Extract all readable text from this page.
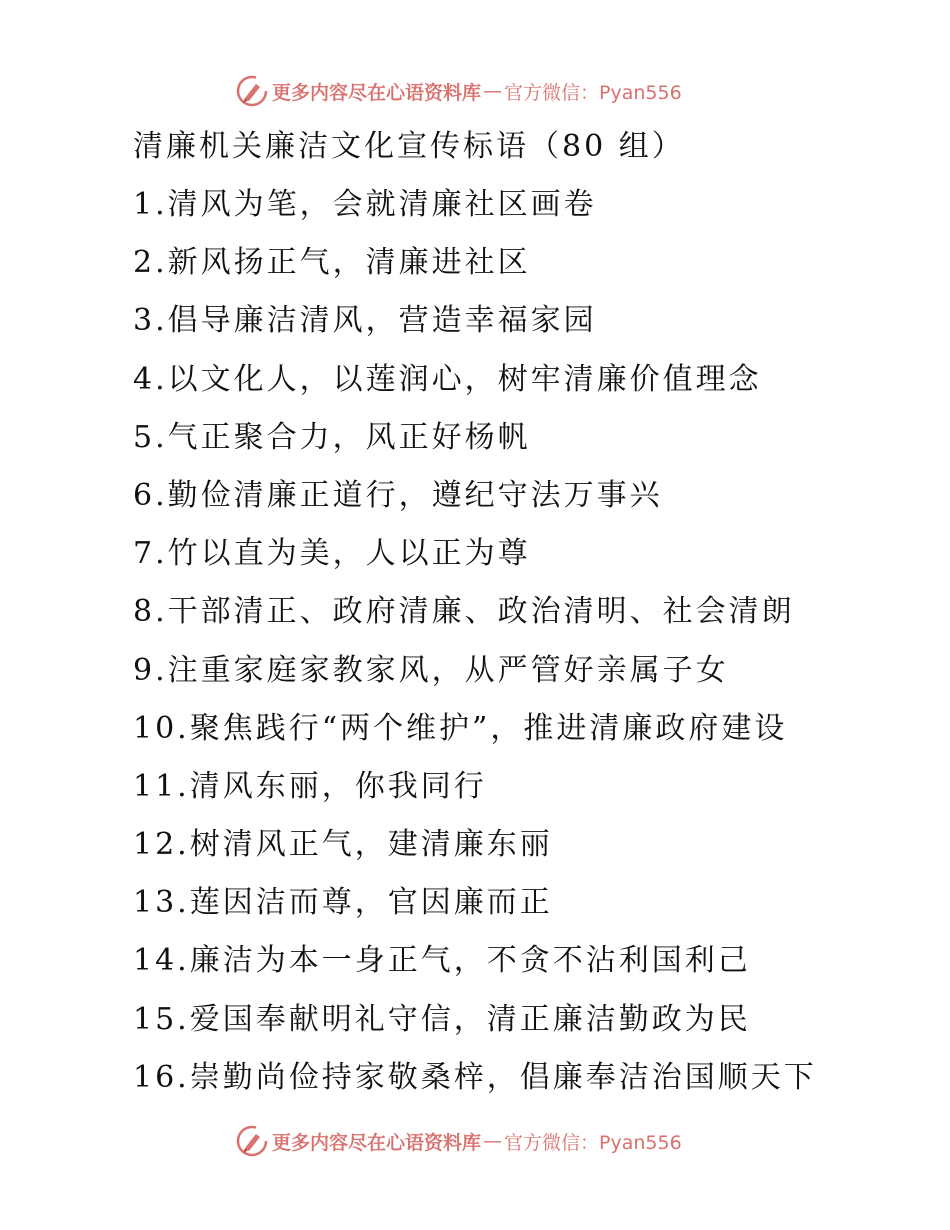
更多内容尽在心语资料库 — 官方微信：Pyan556
清廉机关廉洁文化宣传标语（80 组）
1.清风为笔，会就清廉社区画卷
2.新风扬正气，清廉进社区
3.倡导廉洁清风，营造幸福家园
4.以文化人，以莲润心，树牢清廉价值理念
5.气正聚合力，风正好杨帆
6.勤俭清廉正道行，遵纪守法万事兴
7.竹以直为美，人以正为尊
8.干部清正、政府清廉、政治清明、社会清朗
9.注重家庭家教家风，从严管好亲属子女
10.聚焦践行“两个维护”，推进清廉政府建设
11.清风东丽，你我同行
12.树清风正气，建清廉东丽
13.莲因洁而尊，官因廉而正
14.廉洁为本一身正气，不贪不沾利国利己
15.爱国奉献明礼守信，清正廉洁勤政为民
16.崇勤尚俭持家敬桑梓，倡廉奉洁治国顺天下
更多内容尽在心语资料库 — 官方微信：Pyan556
